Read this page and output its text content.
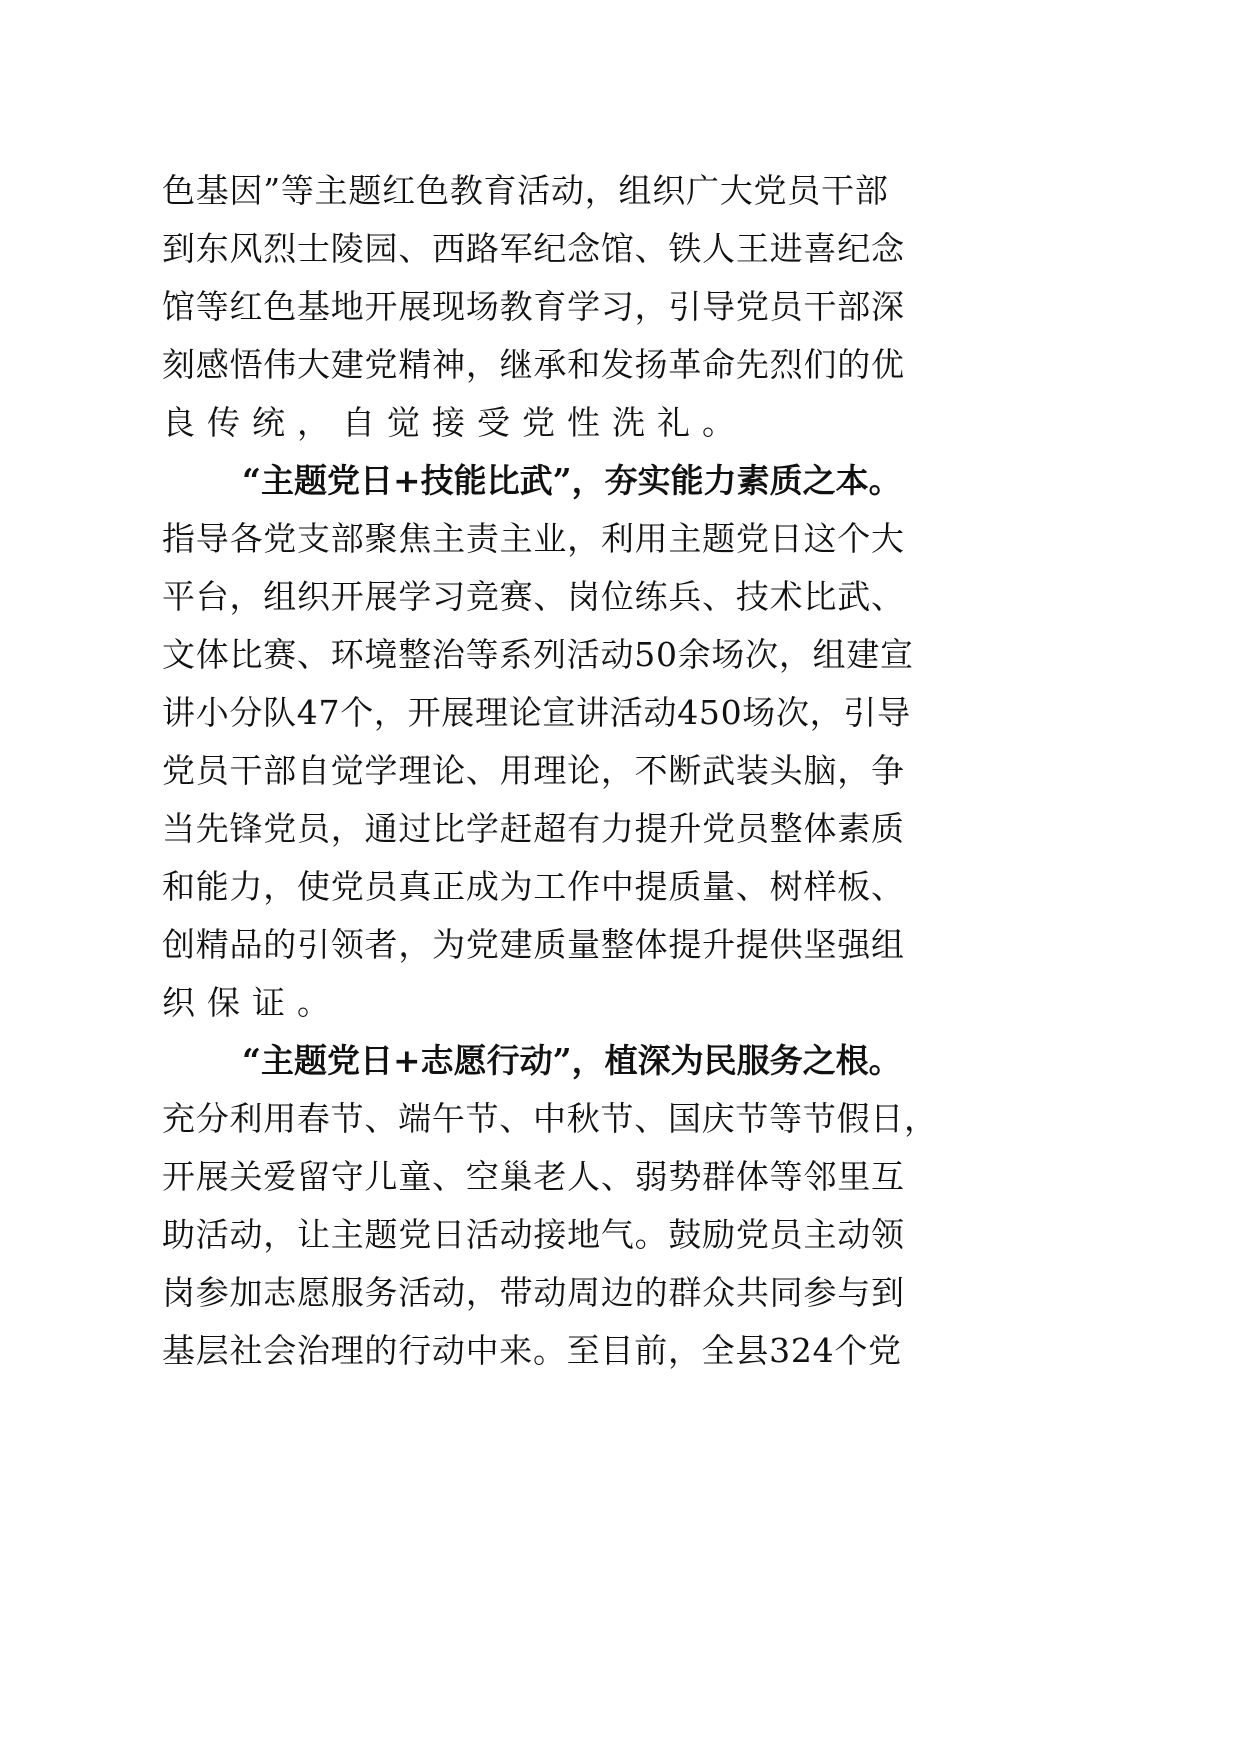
色基因”等主题红色教育活动，组织广大党员干部
到东风烈士陵园、西路军纪念馆、铁人王进喜纪念
馆等红色基地开展现场教育学习，引导党员干部深
刻感悟伟大建党精神，继承和发扬革命先烈们的优
良传统，自觉接受党性洗礼。
“主题党日+技能比武”，夯实能力素质之本。
指导各党支部聚焦主责主业，利用主题党日这个大
平台，组织开展学习竞赛、岗位练兵、技术比武、
文体比赛、环境整治等系列活动50余场次，组建宣
讲小分队47个，开展理论宣讲活动450场次，引导
党员干部自觉学理论、用理论，不断武装头脑，争
当先锋党员，通过比学赶超有力提升党员整体素质
和能力，使党员真正成为工作中提质量、树样板、
创精品的引领者，为党建质量整体提升提供坚强组
织保证。
“主题党日+志愿行动”，植深为民服务之根。
充分利用春节、端午节、中秋节、国庆节等节假日，
开展关爱留守儿童、空巢老人、弱势群体等邻里互
助活动，让主题党日活动接地气。鼓励党员主动领
岗参加志愿服务活动，带动周边的群众共同参与到
基层社会治理的行动中来。至目前，全县324个党
